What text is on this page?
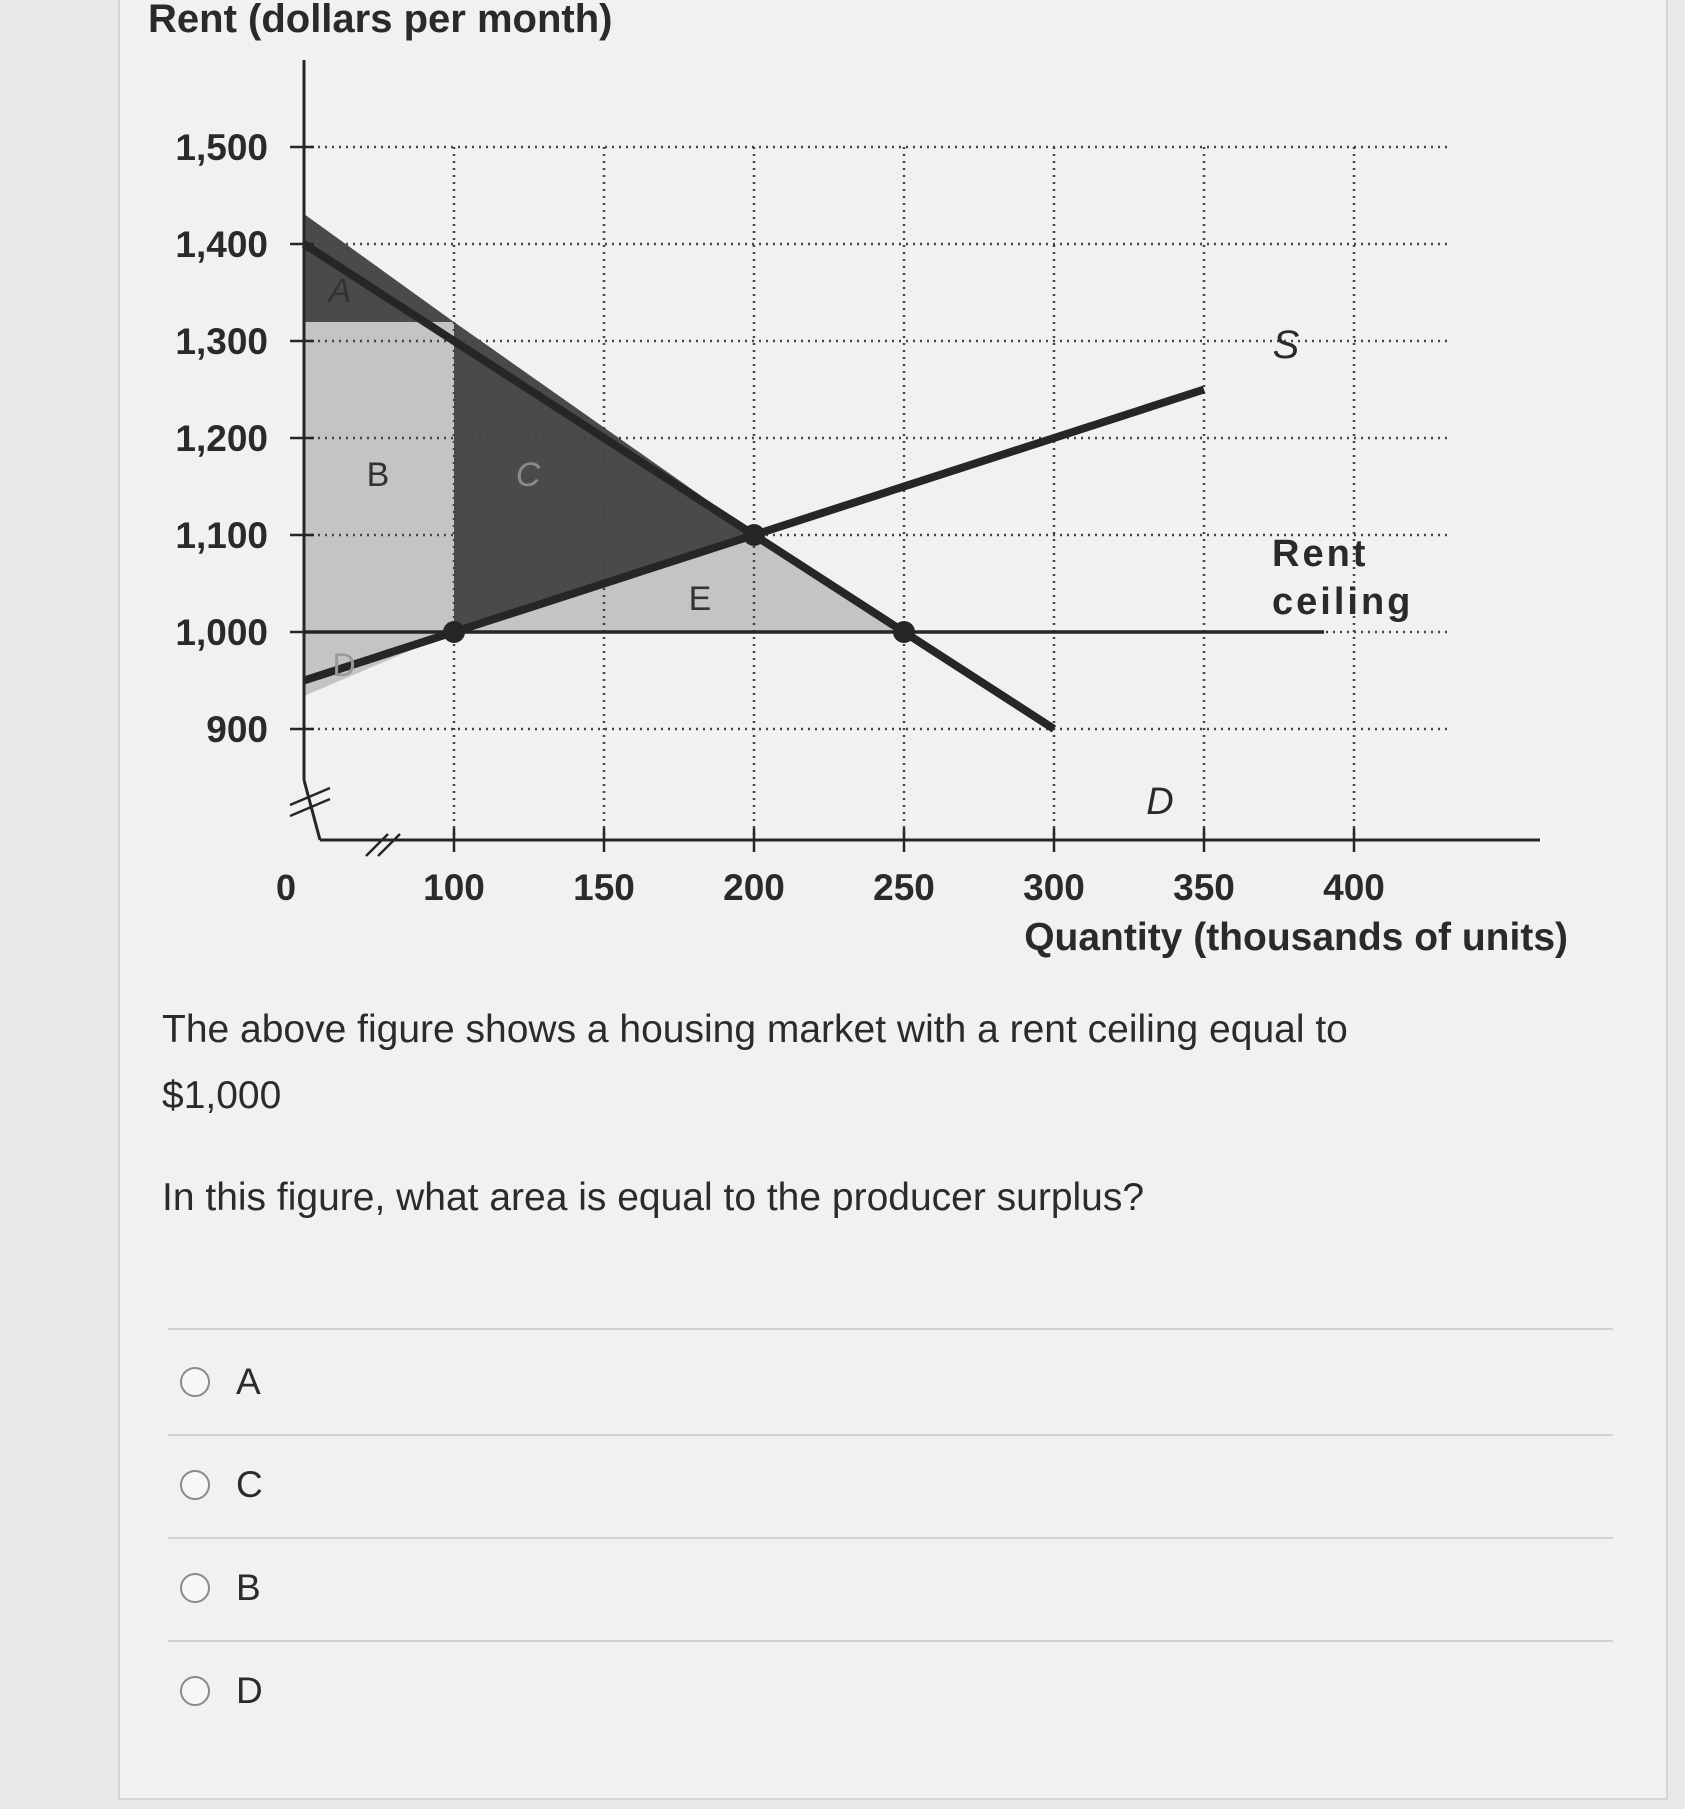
1,500
1,400
1,300
1,200
1,100
1,000
900
100 150 200 250 300 350 400
Rent (dollars per month)
Quantity (thousands of units)
0
A
B	C
D
E
S
D
Rent
ceiling
The above figure shows a housing market with a rent ceiling equal to
$1,000
In this figure, what area is equal to the producer surplus?
A
C
B
D
